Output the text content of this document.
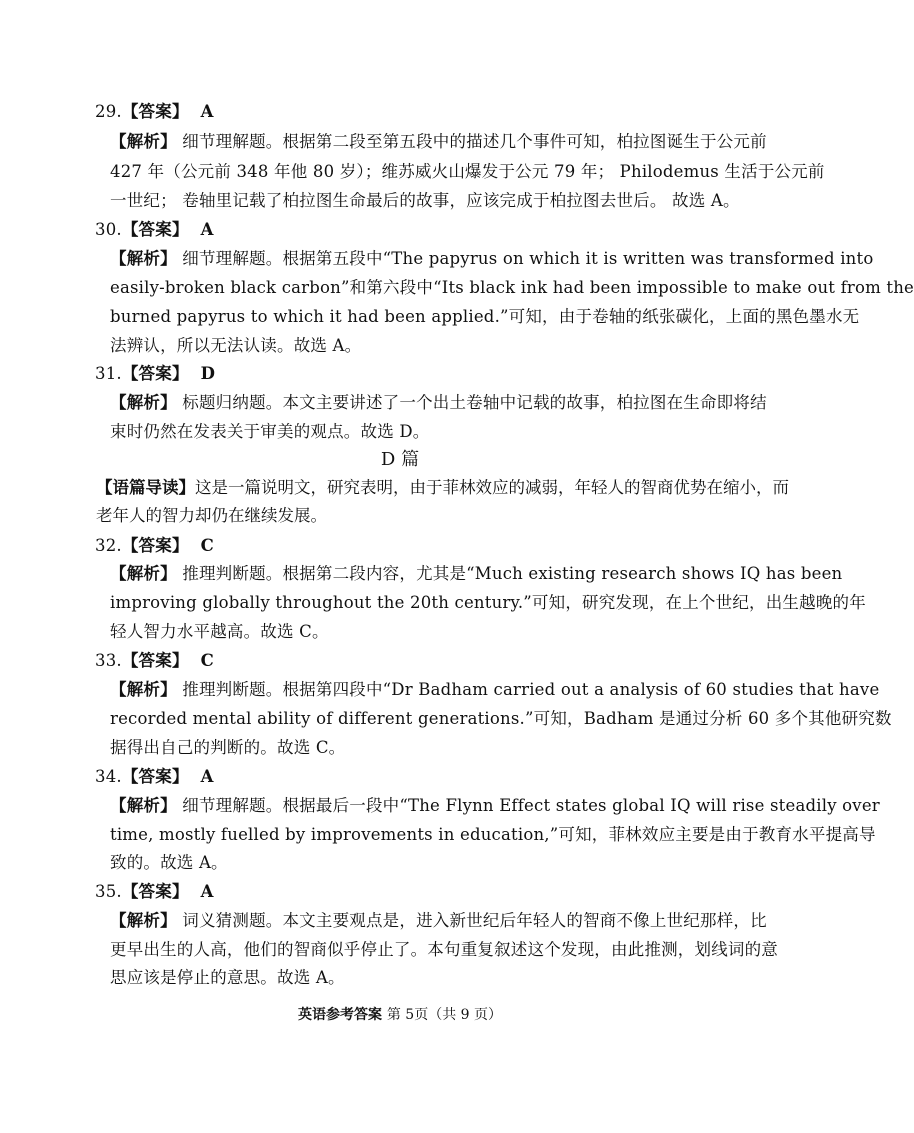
29.【答案】 A
【解析】 细节理解题。根据第二段至第五段中的描述几个事件可知，柏拉图诞生于公元前
427 年（公元前 348 年他 80 岁）；维苏威火山爆发于公元 79 年； Philodemus 生活于公元前
一世纪； 卷轴里记载了柏拉图生命最后的故事，应该完成于柏拉图去世后。 故选 A。
30.【答案】 A
【解析】 细节理解题。根据第五段中“The papyrus on which it is written was transformed into
easily-broken black carbon”和第六段中“Its black ink had been impossible to make out from the
burned papyrus to which it had been applied.”可知，由于卷轴的纸张碳化，上面的黑色墨水无
法辨认，所以无法认读。故选 A。
31.【答案】 D
【解析】 标题归纳题。本文主要讲述了一个出土卷轴中记载的故事，柏拉图在生命即将结
束时仍然在发表关于审美的观点。故选 D。
D 篇
【语篇导读】这是一篇说明文，研究表明，由于菲林效应的减弱，年轻人的智商优势在缩小，而
老年人的智力却仍在继续发展。
32.【答案】 C
【解析】 推理判断题。根据第二段内容，尤其是“Much existing research shows IQ has been
improving globally throughout the 20th century.”可知，研究发现，在上个世纪，出生越晚的年
轻人智力水平越高。故选 C。
33.【答案】 C
【解析】 推理判断题。根据第四段中“Dr Badham carried out a analysis of 60 studies that have
recorded mental ability of different generations.”可知，Badham 是通过分析 60 多个其他研究数
据得出自己的判断的。故选 C。
34.【答案】 A
【解析】 细节理解题。根据最后一段中“The Flynn Effect states global IQ will rise steadily over
time, mostly fuelled by improvements in education,”可知，菲林效应主要是由于教育水平提高导
致的。故选 A。
35.【答案】 A
【解析】 词义猜测题。本文主要观点是，进入新世纪后年轻人的智商不像上世纪那样，比
更早出生的人高，他们的智商似乎停止了。本句重复叙述这个发现，由此推测，划线词的意
思应该是停止的意思。故选 A。
英语参考答案 第 5页（共 9 页）
